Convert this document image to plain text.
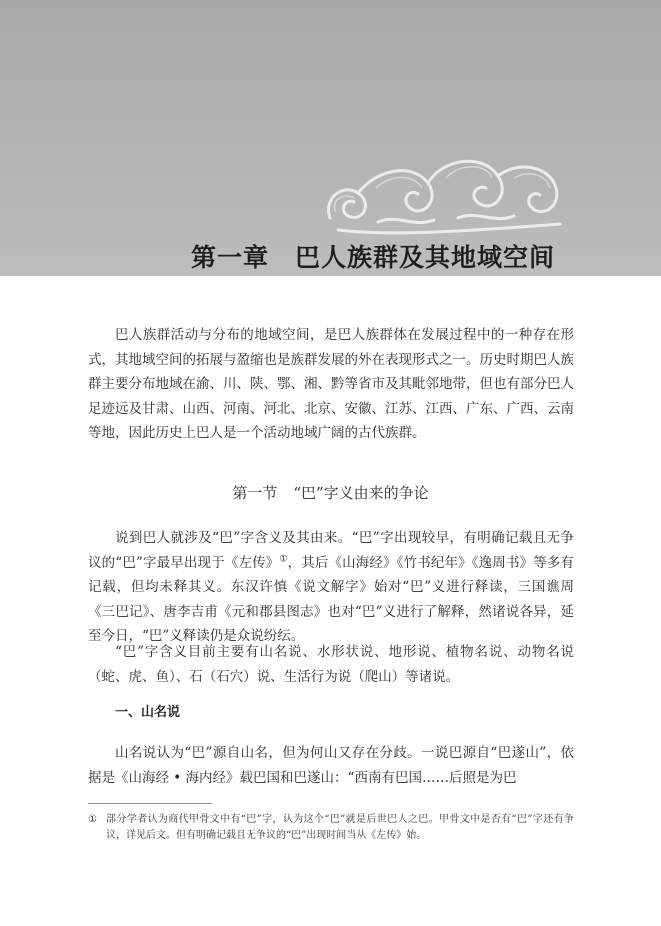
第一章 巴人族群及其地域空间

巴人族群活动与分布的地域空间，是巴人族群体在发展过程中的一种存在形式，其地域空间的拓展与盈缩也是族群发展的外在表现形式之一。历史时期巴人族群主要分布地域在渝、川、陕、鄂、湘、黔等省市及其毗邻地带，但也有部分巴人足迹远及甘肃、山西、河南、河北、北京、安徽、江苏、江西、广东、广西、云南等地，因此历史上巴人是一个活动地域广阔的古代族群。

第一节 “巴”字义由来的争论

说到巴人就涉及“巴”字含义及其由来。“巴”字出现较早，有明确记载且无争议的“巴”字最早出现于《左传》①，其后《山海经》《竹书纪年》《逸周书》等多有记载，但均未释其义。东汉许慎《说文解字》始对“巴”义进行释读，三国谯周《三巴记》、唐李吉甫《元和郡县图志》也对“巴”义进行了解释，然诸说各异，延至今日，“巴”义释读仍是众说纷纭。

“巴”字含义目前主要有山名说、水形状说、地形说、植物名说、动物名说（蛇、虎、鱼）、石（石穴）说、生活行为说（爬山）等诸说。

一、山名说

山名说认为“巴”源自山名，但为何山又存在分歧。一说巴源自“巴遂山”，依据是《山海经 • 海内经》载巴国和巴遂山：“西南有巴国……后照是为巴

① 部分学者认为商代甲骨文中有“巴”字，认为这个“巴”就是后世巴人之巴。甲骨文中是否有“巴”字还有争议，详见后文。但有明确记载且无争议的“巴”出现时间当从《左传》始。
